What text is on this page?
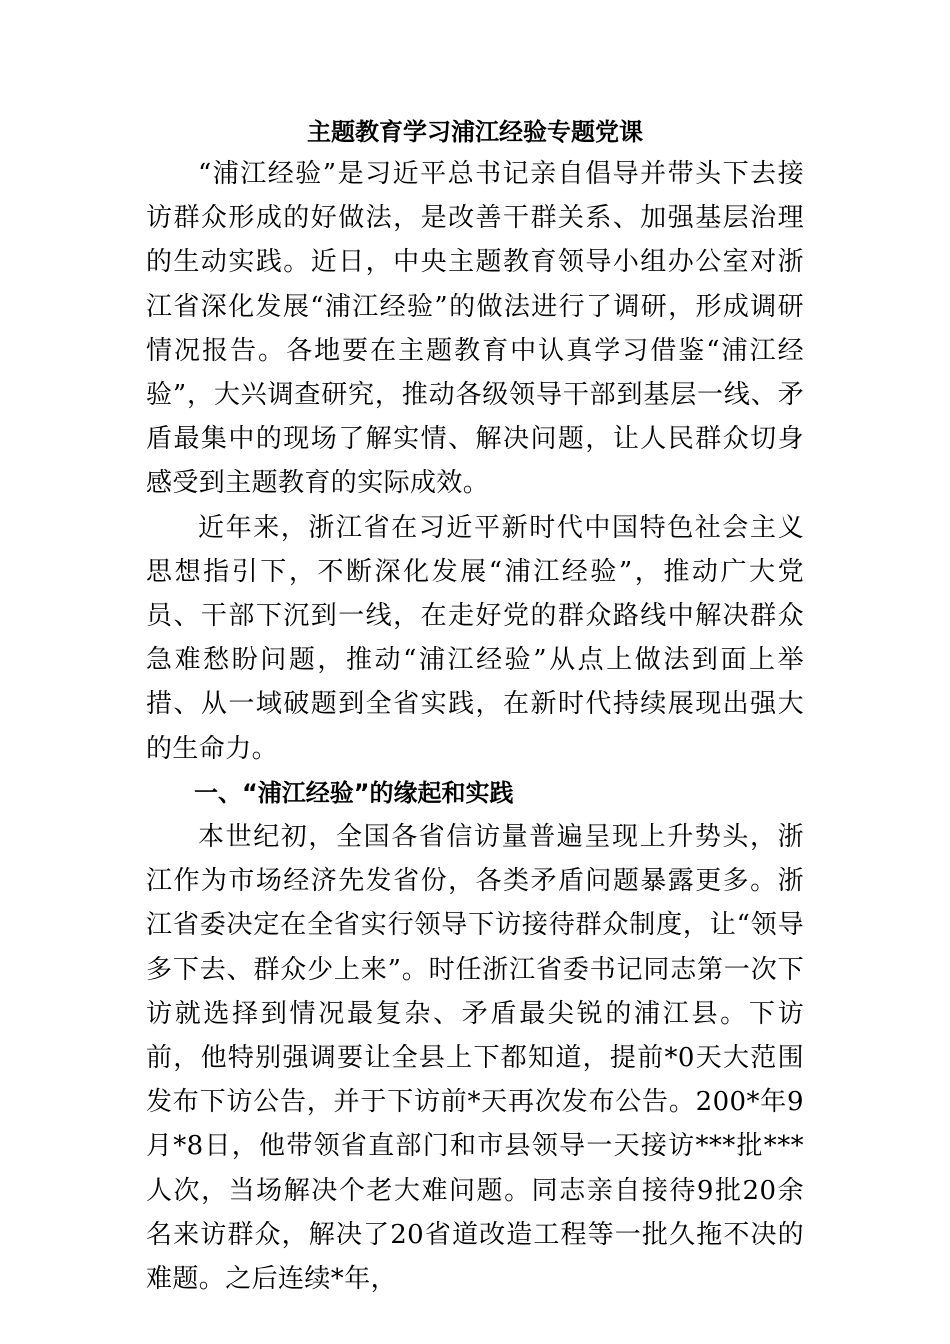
主题教育学习浦江经验专题党课

“浦江经验”是习近平总书记亲自倡导并带头下去接访群众形成的好做法，是改善干群关系、加强基层治理的生动实践。近日，中央主题教育领导小组办公室对浙江省深化发展“浦江经验”的做法进行了调研，形成调研情况报告。各地要在主题教育中认真学习借鉴“浦江经验”，大兴调查研究，推动各级领导干部到基层一线、矛盾最集中的现场了解实情、解决问题，让人民群众切身感受到主题教育的实际成效。

近年来，浙江省在习近平新时代中国特色社会主义思想指引下，不断深化发展“浦江经验”，推动广大党员、干部下沉到一线，在走好党的群众路线中解决群众急难愁盼问题，推动“浦江经验”从点上做法到面上举措、从一域破题到全省实践，在新时代持续展现出强大的生命力。

一、“浦江经验”的缘起和实践

本世纪初，全国各省信访量普遍呈现上升势头，浙江作为市场经济先发省份，各类矛盾问题暴露更多。浙江省委决定在全省实行领导下访接待群众制度，让“领导多下去、群众少上来”。时任浙江省委书记同志第一次下访就选择到情况最复杂、矛盾最尖锐的浦江县。下访前，他特别强调要让全县上下都知道，提前*0天大范围发布下访公告，并于下访前*天再次发布公告。200*年9月*8日，他带领省直部门和市县领导一天接访***批***人次，当场解决个老大难问题。同志亲自接待9批20余名来访群众，解决了20省道改造工程等一批久拖不决的难题。之后连续*年，
